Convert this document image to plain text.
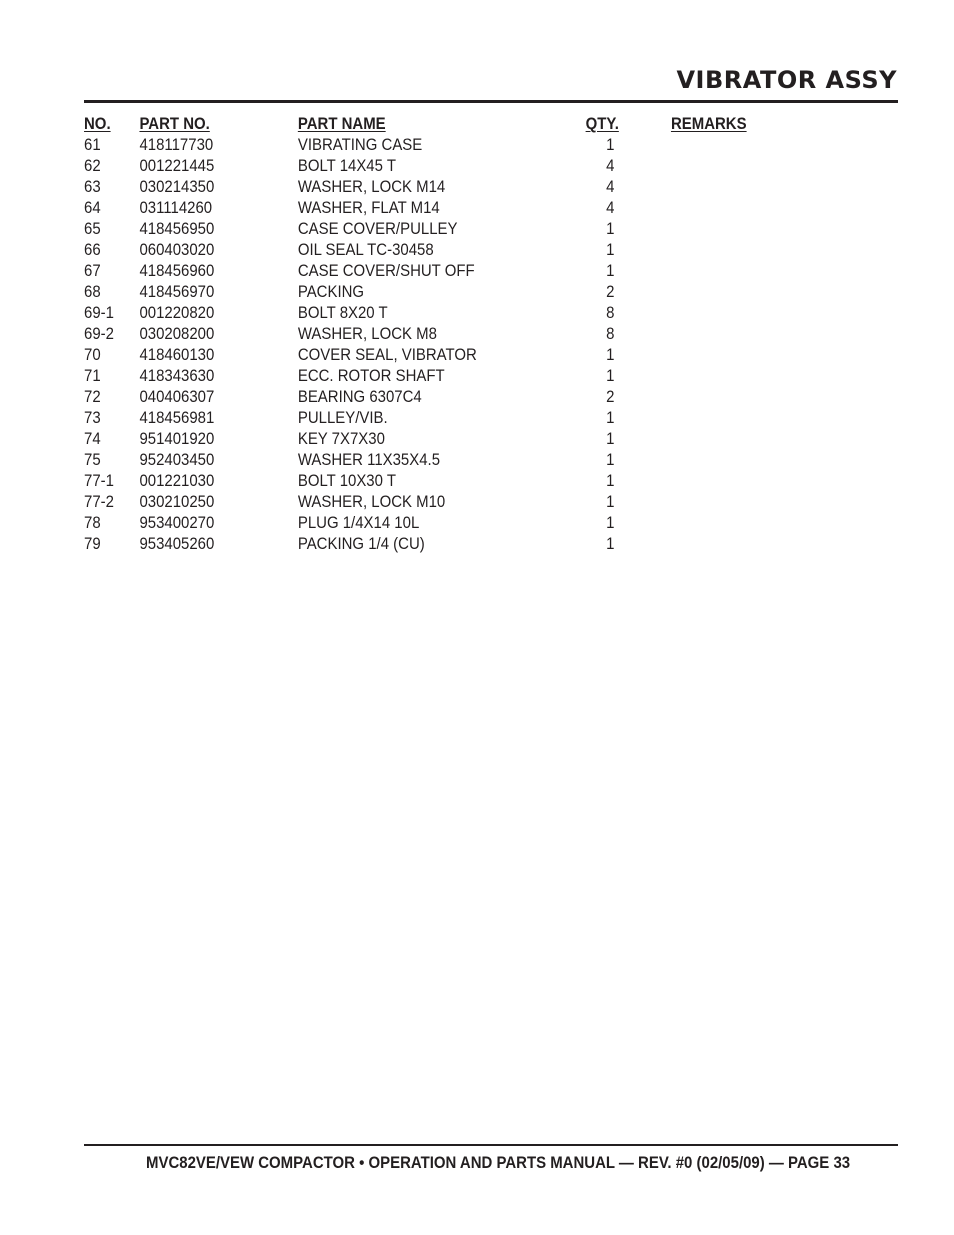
VIBRATOR ASSY
NO. PART NO.	PART NAME	QTY.	REMARKS
61 418117730	VIBRATING CASE	1
62 001221445	BOLT 14X45 T	4
63 030214350	WASHER, LOCK M14	4
64 031114260	WASHER, FLAT M14	4
65 418456950	CASE COVER/PULLEY	1
66 060403020	OIL SEAL TC-30458	1
67 418456960	CASE COVER/SHUT OFF	1
68 418456970	PACKING	2
69-1 001220820	BOLT 8X20 T	8
69-2 030208200	WASHER, LOCK M8	8
70 418460130	COVER SEAL, VIBRATOR	1
71 418343630	ECC. ROTOR SHAFT	1
72 040406307	BEARING 6307C4	2
73 418456981	PULLEY/VIB.	1
74 951401920	KEY 7X7X30	1
75 952403450	WASHER 11X35X4.5	1
77-1 001221030	BOLT 10X30 T	1
77-2 030210250	WASHER, LOCK M10	1
78 953400270	PLUG 1/4X14 10L	1
79 953405260	PACKING 1/4 (CU)	1
MVC82VE/VEW COMPACTOR • OPERATION AND PARTS MANUAL — REV. #0 (02/05/09) — PAGE 33
